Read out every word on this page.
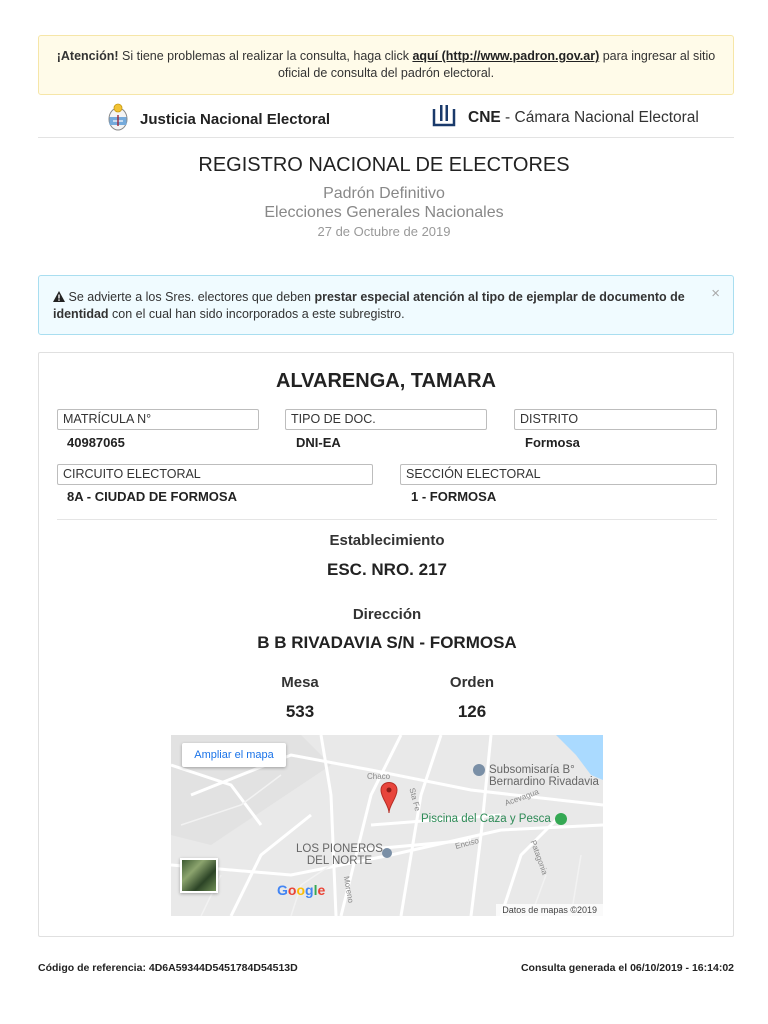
¡Atención! Si tiene problemas al realizar la consulta, haga click aquí (http://www.padron.gov.ar) para ingresar al sitio
oficial de consulta del padrón electoral.
Justicia Nacional Electoral	CNE - Cámara Nacional Electoral
REGISTRO NACIONAL DE ELECTORES
Padrón Definitivo
Elecciones Generales Nacionales
27 de Octubre de 2019
Se advierte a los Sres. electores que deben prestar especial atención al tipo de ejemplar de documento de identidad con el cual han sido incorporados a este subregistro.
×
ALVARENGA, TAMARA
MATRÍCULA N°
40987065
TIPO DE DOC.
DNI-EA
DISTRITO
Formosa
CIRCUITO ELECTORAL
8A - CIUDAD DE FORMOSA
SECCIÓN ELECTORAL
1 - FORMOSA
Establecimiento
ESC. NRO. 217
Dirección
B B RIVADAVIA S/N - FORMOSA
Mesa
533
Orden
126
Ampliar el mapa
Subsomisaría B°
Bernardino Rivadavia
Piscina del Caza y Pesca
LOS PIONEROS
DEL NORTE
Chaco
Sta Fe	Acevagua
Enciso	Patagonia
Moreno
Google
Datos de mapas ©2019
Código de referencia: 4D6A59344D5451784D54513D	Consulta generada el 06/10/2019 - 16:14:02
